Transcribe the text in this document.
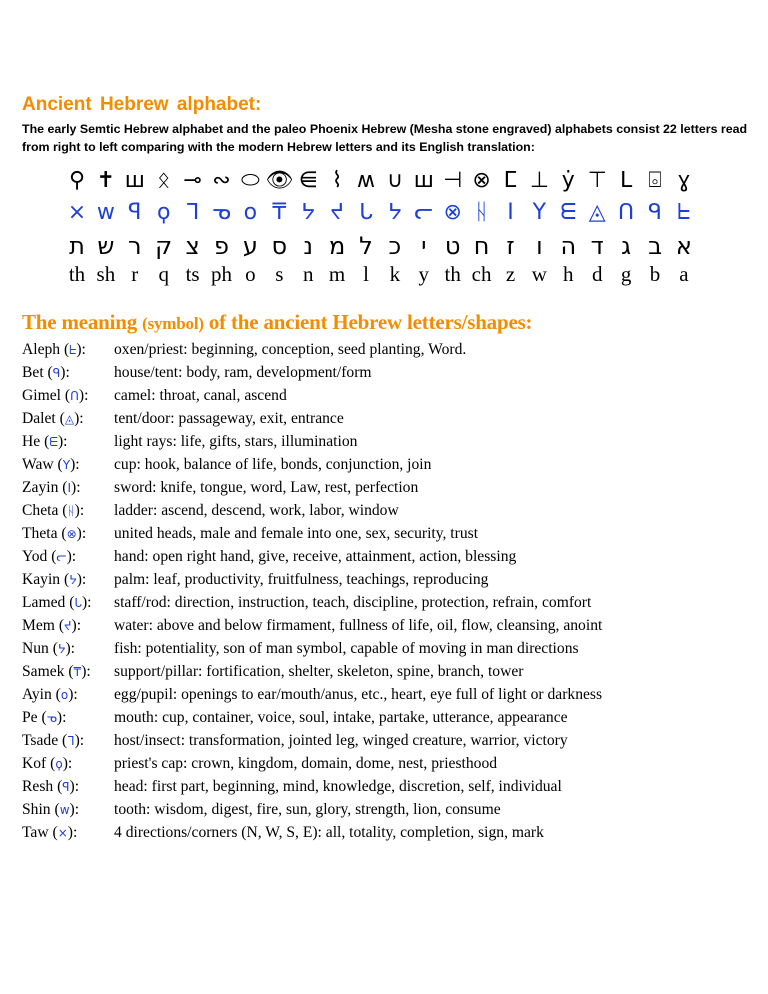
Ancient Hebrew alphabet:
The early Semtic Hebrew alphabet and the paleo Phoenix Hebrew (Mesha stone engraved) alphabets consist 22 letters read from right to left comparing with the modern Hebrew letters and its English translation:
⚲ ✝ ш ᛟ ⊸ ∾ ⬭ 👁 ⋹ ⌇ ʍ ∪ ш ⊣ ⊗ ⵎ ⊥ ẏ ⊤ ᒪ ⌻ ɣ
× w ꟼ ϙ ᒣ ᓀ o ₸ ᔭ ᔪ ᒐ ᔭ ᓕ ⊗ ᚺ I Y ᗴ ◬ ᑎ ᑫ ᖶ
ת ש ר ק צ פ ע ס נ מ ל כ י ט ח ז ו ה ד ג ב א
th sh r q ts ph o s n m l k y th ch z w h d g b a
The meaning (symbol) of the ancient Hebrew letters/shapes:
Aleph (ᖶ): oxen/priest: beginning, conception, seed planting, Word.
Bet (ᑫ):	house/tent: body, ram, development/form
Gimel (ᑎ): camel: throat, canal, ascend
Dalet (◬): tent/door: passageway, exit, entrance
He (ᗴ):	light rays: life, gifts, stars, illumination
Waw (Y): cup: hook, balance of life, bonds, conjunction, join
Zayin (I): sword: knife, tongue, word, Law, rest, perfection
Cheta (ᚺ): ladder: ascend, descend, work, labor, window
Theta (⊗): united heads, male and female into one, sex, security, trust
Yod (ᓕ): hand: open right hand, give, receive, attainment, action, blessing
Kayin (ᔭ): palm: leaf, productivity, fruitfulness, teachings, reproducing
Lamed (ᒐ): staff/rod: direction, instruction, teach, discipline, protection, refrain, comfort
Mem (ᔪ): water: above and below firmament, fullness of life, oil, flow, cleansing, anoint
Nun (ᔭ): fish: potentiality, son of man symbol, capable of moving in man directions
Samek (₸): support/pillar: fortification, shelter, skeleton, spine, branch, tower
Ayin (o): egg/pupil: openings to ear/mouth/anus, etc., heart, eye full of light or darkness
Pe (ᓀ):	mouth: cup, container, voice, soul, intake, partake, utterance, appearance
Tsade (ᒣ): host/insect: transformation, jointed leg, winged creature, warrior, victory
Kof (ϙ):	priest's cap: crown, kingdom, domain, dome, nest, priesthood
Resh (ꟼ): head: first part, beginning, mind, knowledge, discretion, self, individual
Shin (w): tooth: wisdom, digest, fire, sun, glory, strength, lion, consume
Taw (×): 4 directions/corners (N, W, S, E): all, totality, completion, sign, mark
